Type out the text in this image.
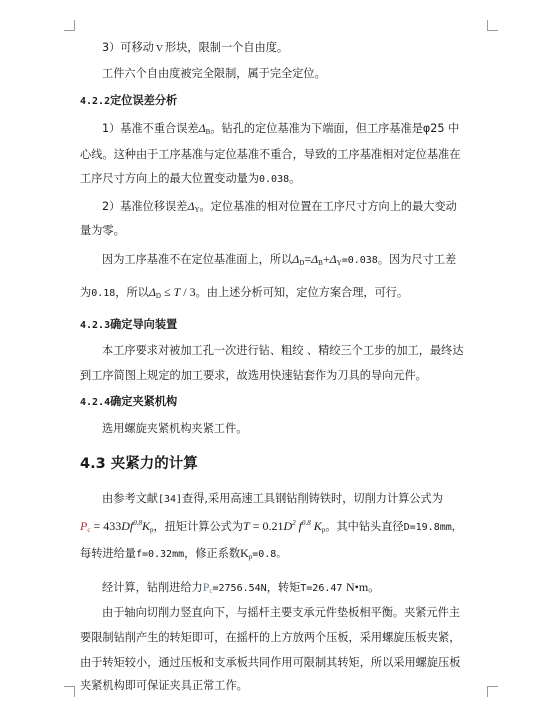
3）可移动ｖ形块，限制一个自由度。
工件六个自由度被完全限制，属于完全定位。
4.2.2定位误差分析
1）基准不重合误差$\Delta_B$。钻孔的定位基准为下端面，但工序基准是φ25 中
心线。这种由于工序基准与定位基准不重合，导致的工序基准相对定位基准在
工序尺寸方向上的最大位置变动量为0.038。
2）基准位移误差$\Delta_Y$。定位基准的相对位置在工序尺寸方向上的最大变动
量为零。
因为工序基准不在定位基准面上，所以$\Delta_D=\Delta_B+\Delta_Y=0.038$。因为尺寸工差
为0.18，所以$\Delta_D \le T / 3$。由上述分析可知，定位方案合理，可行。
4.2.3确定导向装置
本工序要求对被加工孔一次进行钻、粗绞 、精绞三个工步的加工，最终达
到工序简图上规定的加工要求，故选用快速钻套作为刀具的导向元件。
4.2.4确定夹紧机构
选用螺旋夹紧机构夹紧工件。
4.3 夹紧力的计算
由参考文献[34]查得,采用高速工具钢钻削铸铁时，切削力计算公式为
$P_c = 433Df^{0.8}K_p$，扭矩计算公式为$T = 0.21D^2$ $f^{0.8}$ $K_p$。其中钻头直径D=19.8mm，
每转进给量f=0.32mm，修正系数$K_p=0.8$。
经计算，钻削进给力$P_c=2756.54N$，转矩T=26.47 N•m。
由于轴向切削力竖直向下，与摇杆主要支承元件垫板相平衡。夹紧元件主
要限制钻削产生的转矩即可，在摇杆的上方放两个压板，采用螺旋压板夹紧，
由于转矩较小，通过压板和支承板共同作用可限制其转矩，所以采用螺旋压板
夹紧机构即可保证夹具正常工作。
